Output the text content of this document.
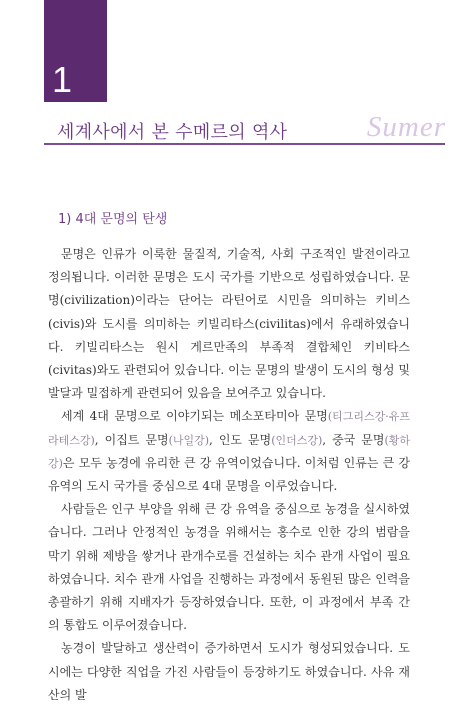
1
세계사에서 본 수메르의 역사	Sumer
1) 4대 문명의 탄생

문명은 인류가 이룩한 물질적, 기술적, 사회 구조적인 발전이라고 정의됩니다. 이러한 문명은 도시 국가를 기반으로 성립하였습니다. 문명(civilization)이라는 단어는 라틴어로 시민을 의미하는 키비스(civis)와 도시를 의미하는 키빌리타스(civilitas)에서 유래하였습니다. 키빌리타스는 원시 게르만족의 부족적 결합체인 키비타스(civitas)와도 관련되어 있습니다. 이는 문명의 발생이 도시의 형성 및 발달과 밀접하게 관련되어 있음을 보여주고 있습니다.

세계 4대 문명으로 이야기되는 메소포타미아 문명(티그리스강·유프라테스강), 이집트 문명(나일강), 인도 문명(인더스강), 중국 문명(황하강)은 모두 농경에 유리한 큰 강 유역이었습니다. 이처럼 인류는 큰 강 유역의 도시 국가를 중심으로 4대 문명을 이루었습니다.

사람들은 인구 부양을 위해 큰 강 유역을 중심으로 농경을 실시하였습니다. 그러나 안정적인 농경을 위해서는 홍수로 인한 강의 범람을 막기 위해 제방을 쌓거나 관개수로를 건설하는 치수 관개 사업이 필요하였습니다. 치수 관개 사업을 진행하는 과정에서 동원된 많은 인력을 총괄하기 위해 지배자가 등장하였습니다. 또한, 이 과정에서 부족 간의 통합도 이루어졌습니다.

농경이 발달하고 생산력이 증가하면서 도시가 형성되었습니다. 도시에는 다양한 직업을 가진 사람들이 등장하기도 하였습니다. 사유 재산의 발
